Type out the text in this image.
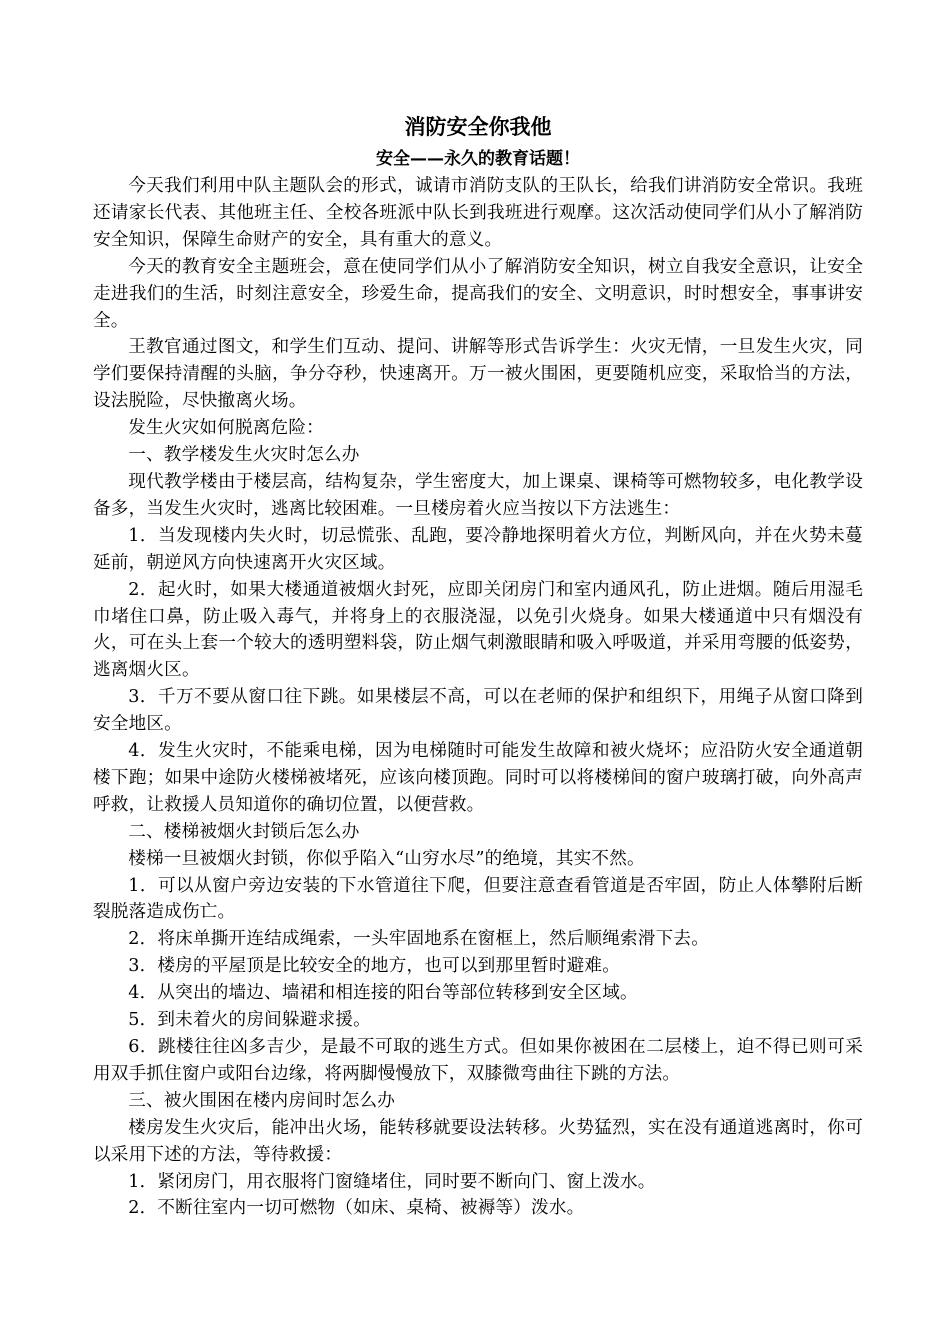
消防安全你我他
安全——永久的教育话题！

今天我们利用中队主题队会的形式，诚请市消防支队的王队长，给我们讲消防安全常识。我班还请家长代表、其他班主任、全校各班派中队长到我班进行观摩。这次活动使同学们从小了解消防安全知识，保障生命财产的安全，具有重大的意义。

今天的教育安全主题班会，意在使同学们从小了解消防安全知识，树立自我安全意识，让安全走进我们的生活，时刻注意安全，珍爱生命，提高我们的安全、文明意识，时时想安全，事事讲安全。

王教官通过图文，和学生们互动、提问、讲解等形式告诉学生：火灾无情，一旦发生火灾，同学们要保持清醒的头脑，争分夺秒，快速离开。万一被火围困，更要随机应变，采取恰当的方法，设法脱险，尽快撤离火场。

发生火灾如何脱离危险：

一、教学楼发生火灾时怎么办

现代教学楼由于楼层高，结构复杂，学生密度大，加上课桌、课椅等可燃物较多，电化教学设备多，当发生火灾时，逃离比较困难。一旦楼房着火应当按以下方法逃生：

1．当发现楼内失火时，切忌慌张、乱跑，要冷静地探明着火方位，判断风向，并在火势未蔓延前，朝逆风方向快速离开火灾区域。

2．起火时，如果大楼通道被烟火封死，应即关闭房门和室内通风孔，防止进烟。随后用湿毛巾堵住口鼻，防止吸入毒气，并将身上的衣服浇湿，以免引火烧身。如果大楼通道中只有烟没有火，可在头上套一个较大的透明塑料袋，防止烟气刺激眼睛和吸入呼吸道，并采用弯腰的低姿势，逃离烟火区。

3．千万不要从窗口往下跳。如果楼层不高，可以在老师的保护和组织下，用绳子从窗口降到安全地区。

4．发生火灾时，不能乘电梯，因为电梯随时可能发生故障和被火烧坏；应沿防火安全通道朝楼下跑；如果中途防火楼梯被堵死，应该向楼顶跑。同时可以将楼梯间的窗户玻璃打破，向外高声呼救，让救援人员知道你的确切位置，以便营救。

二、楼梯被烟火封锁后怎么办

楼梯一旦被烟火封锁，你似乎陷入“山穷水尽”的绝境，其实不然。

1．可以从窗户旁边安装的下水管道往下爬，但要注意查看管道是否牢固，防止人体攀附后断裂脱落造成伤亡。

2．将床单撕开连结成绳索，一头牢固地系在窗框上，然后顺绳索滑下去。

3．楼房的平屋顶是比较安全的地方，也可以到那里暂时避难。

4．从突出的墙边、墙裙和相连接的阳台等部位转移到安全区域。

5．到未着火的房间躲避求援。

6．跳楼往往凶多吉少，是最不可取的逃生方式。但如果你被困在二层楼上，迫不得已则可采用双手抓住窗户或阳台边缘，将两脚慢慢放下，双膝微弯曲往下跳的方法。

三、被火围困在楼内房间时怎么办

楼房发生火灾后，能冲出火场，能转移就要设法转移。火势猛烈，实在没有通道逃离时，你可以采用下述的方法，等待救援：

1．紧闭房门，用衣服将门窗缝堵住，同时要不断向门、窗上泼水。

2．不断往室内一切可燃物（如床、桌椅、被褥等）泼水。
